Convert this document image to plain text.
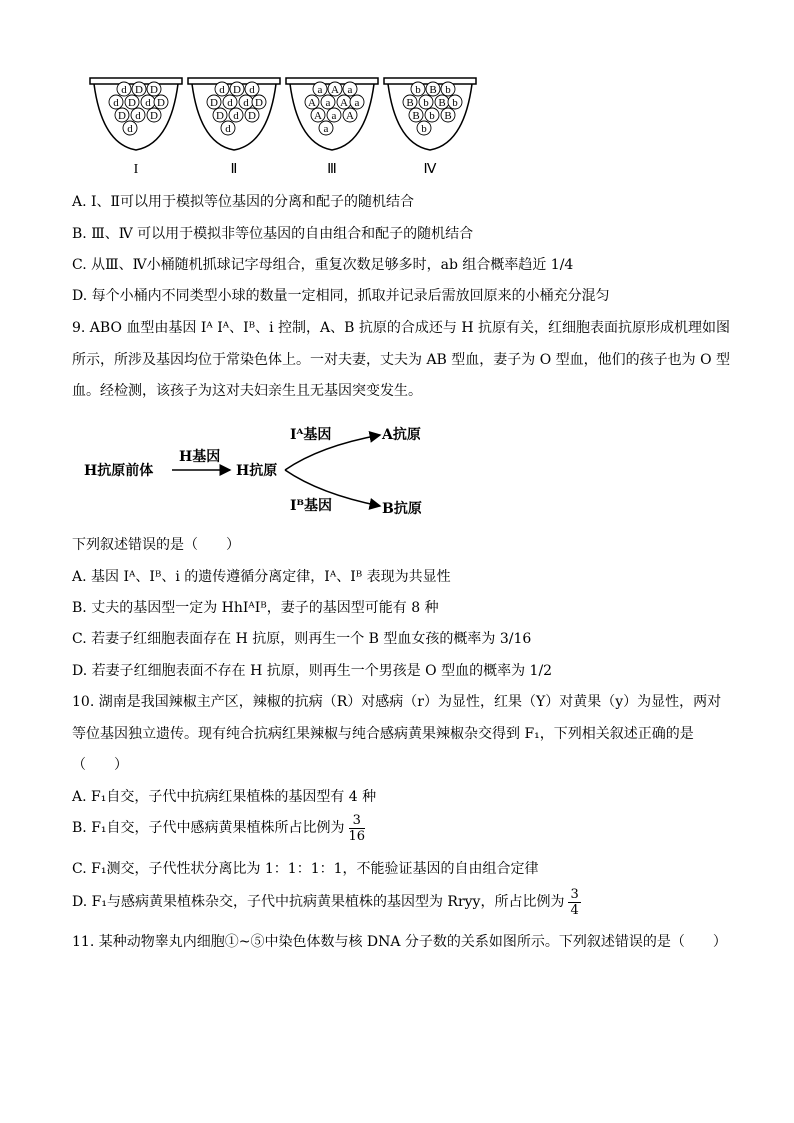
d D D
d D d D
D d D
d
I
d D d
D d d D
D d D
d
Ⅱ
a A a
A a A a
A a A
a
Ⅲ
b B b
B b B b
B b B
b
Ⅳ
A. Ⅰ、Ⅱ可以用于模拟等位基因的分离和配子的随机结合
B. Ⅲ、Ⅳ 可以用于模拟非等位基因的自由组合和配子的随机结合
C. 从Ⅲ、Ⅳ小桶随机抓球记字母组合，重复次数足够多时，ab 组合概率趋近 1/4
D. 每个小桶内不同类型小球的数量一定相同，抓取并记录后需放回原来的小桶充分混匀
9. ABO 血型由基因 Iᴬ Iᴬ、Iᴮ、i 控制，A、B 抗原的合成还与 H 抗原有关，红细胞表面抗原形成机理如图
所示，所涉及基因均位于常染色体上。一对夫妻，丈夫为 AB 型血，妻子为 O 型血，他们的孩子也为 O 型
血。经检测，该孩子为这对夫妇亲生且无基因突变发生。
H抗原前体
H基因
H抗原
Iᴬ基因	A抗原
Iᴮ基因	B抗原
下列叙述错误的是（　　）
A. 基因 Iᴬ、Iᴮ、i 的遗传遵循分离定律，Iᴬ、Iᴮ 表现为共显性
B. 丈夫的基因型一定为 HhIᴬIᴮ，妻子的基因型可能有 8 种
C. 若妻子红细胞表面存在 H 抗原，则再生一个 B 型血女孩的概率为 3/16
D. 若妻子红细胞表面不存在 H 抗原，则再生一个男孩是 O 型血的概率为 1/2
10. 湖南是我国辣椒主产区，辣椒的抗病（R）对感病（r）为显性，红果（Y）对黄果（y）为显性，两对
等位基因独立遗传。现有纯合抗病红果辣椒与纯合感病黄果辣椒杂交得到 F₁，下列相关叙述正确的是
（　　）
A. F₁自交，子代中抗病红果植株的基因型有 4 种
B. F₁自交，子代中感病黄果植株所占比例为 $\frac{3}{16}$
C. F₁测交，子代性状分离比为 1：1：1：1，不能验证基因的自由组合定律
D. F₁与感病黄果植株杂交，子代中抗病黄果植株的基因型为 Rryy，所占比例为 $\frac{3}{4}$
11. 某种动物睾丸内细胞①~⑤中染色体数与核 DNA 分子数的关系如图所示。下列叙述错误的是（　　）
